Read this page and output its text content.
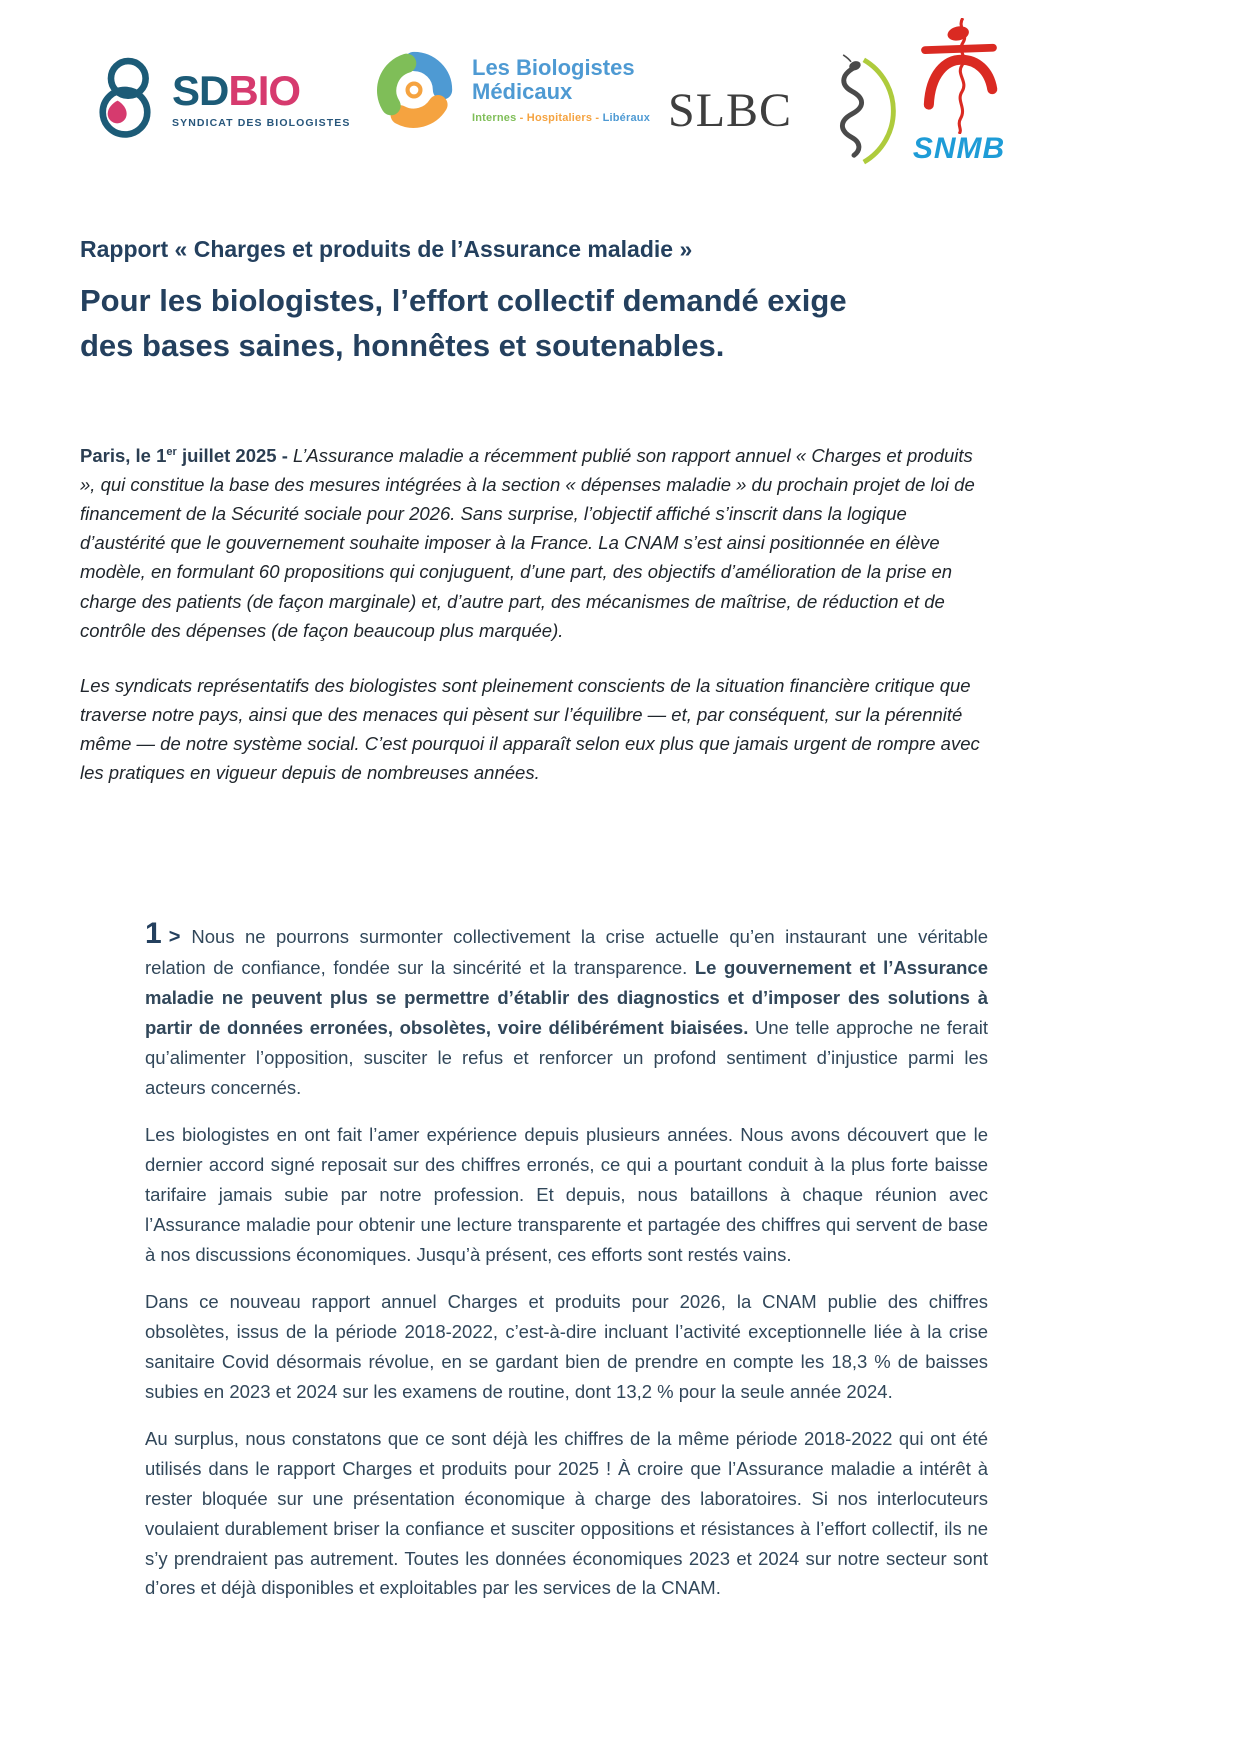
SDBIO
SYNDICAT DES BIOLOGISTES
Les Biologistes
Médicaux
Internes - Hospitaliers - Libéraux SLBC
SNMB
Rapport « Charges et produits de l’Assurance maladie »
Pour les biologistes, l’effort collectif demandé exige
des bases saines, honnêtes et soutenables.

Paris, le 1er juillet 2025 - L’Assurance maladie a récemment publié son rapport annuel « Charges et produits », qui constitue la base des mesures intégrées à la section « dépenses maladie » du prochain projet de loi de financement de la Sécurité sociale pour 2026. Sans surprise, l’objectif affiché s’inscrit dans la logique d’austérité que le gouvernement souhaite imposer à la France. La CNAM s’est ainsi positionnée en élève modèle, en formulant 60 propositions qui conjuguent, d’une part, des objectifs d’amélioration de la prise en charge des patients (de façon marginale) et, d’autre part, des mécanismes de maîtrise, de réduction et de contrôle des dépenses (de façon beaucoup plus marquée).

Les syndicats représentatifs des biologistes sont pleinement conscients de la situation financière critique que traverse notre pays, ainsi que des menaces qui pèsent sur l’équilibre — et, par conséquent, sur la pérennité même — de notre système social. C’est pourquoi il apparaît selon eux plus que jamais urgent de rompre avec les pratiques en vigueur depuis de nombreuses années.

1 > Nous ne pourrons surmonter collectivement la crise actuelle qu’en instaurant une véritable relation de confiance, fondée sur la sincérité et la transparence. Le gouvernement et l’Assurance maladie ne peuvent plus se permettre d’établir des diagnostics et d’imposer des solutions à partir de données erronées, obsolètes, voire délibérément biaisées. Une telle approche ne ferait qu’alimenter l’opposition, susciter le refus et renforcer un profond sentiment d’injustice parmi les acteurs concernés.

Les biologistes en ont fait l’amer expérience depuis plusieurs années. Nous avons découvert que le dernier accord signé reposait sur des chiffres erronés, ce qui a pourtant conduit à la plus forte baisse tarifaire jamais subie par notre profession. Et depuis, nous bataillons à chaque réunion avec l’Assurance maladie pour obtenir une lecture transparente et partagée des chiffres qui servent de base à nos discussions économiques. Jusqu’à présent, ces efforts sont restés vains.

Dans ce nouveau rapport annuel Charges et produits pour 2026, la CNAM publie des chiffres obsolètes, issus de la période 2018-2022, c’est-à-dire incluant l’activité exceptionnelle liée à la crise sanitaire Covid désormais révolue, en se gardant bien de prendre en compte les 18,3 % de baisses subies en 2023 et 2024 sur les examens de routine, dont 13,2 % pour la seule année 2024.

Au surplus, nous constatons que ce sont déjà les chiffres de la même période 2018-2022 qui ont été utilisés dans le rapport Charges et produits pour 2025 ! À croire que l’Assurance maladie a intérêt à rester bloquée sur une présentation économique à charge des laboratoires. Si nos interlocuteurs voulaient durablement briser la confiance et susciter oppositions et résistances à l’effort collectif, ils ne s’y prendraient pas autrement. Toutes les données économiques 2023 et 2024 sur notre secteur sont d’ores et déjà disponibles et exploitables par les services de la CNAM.
